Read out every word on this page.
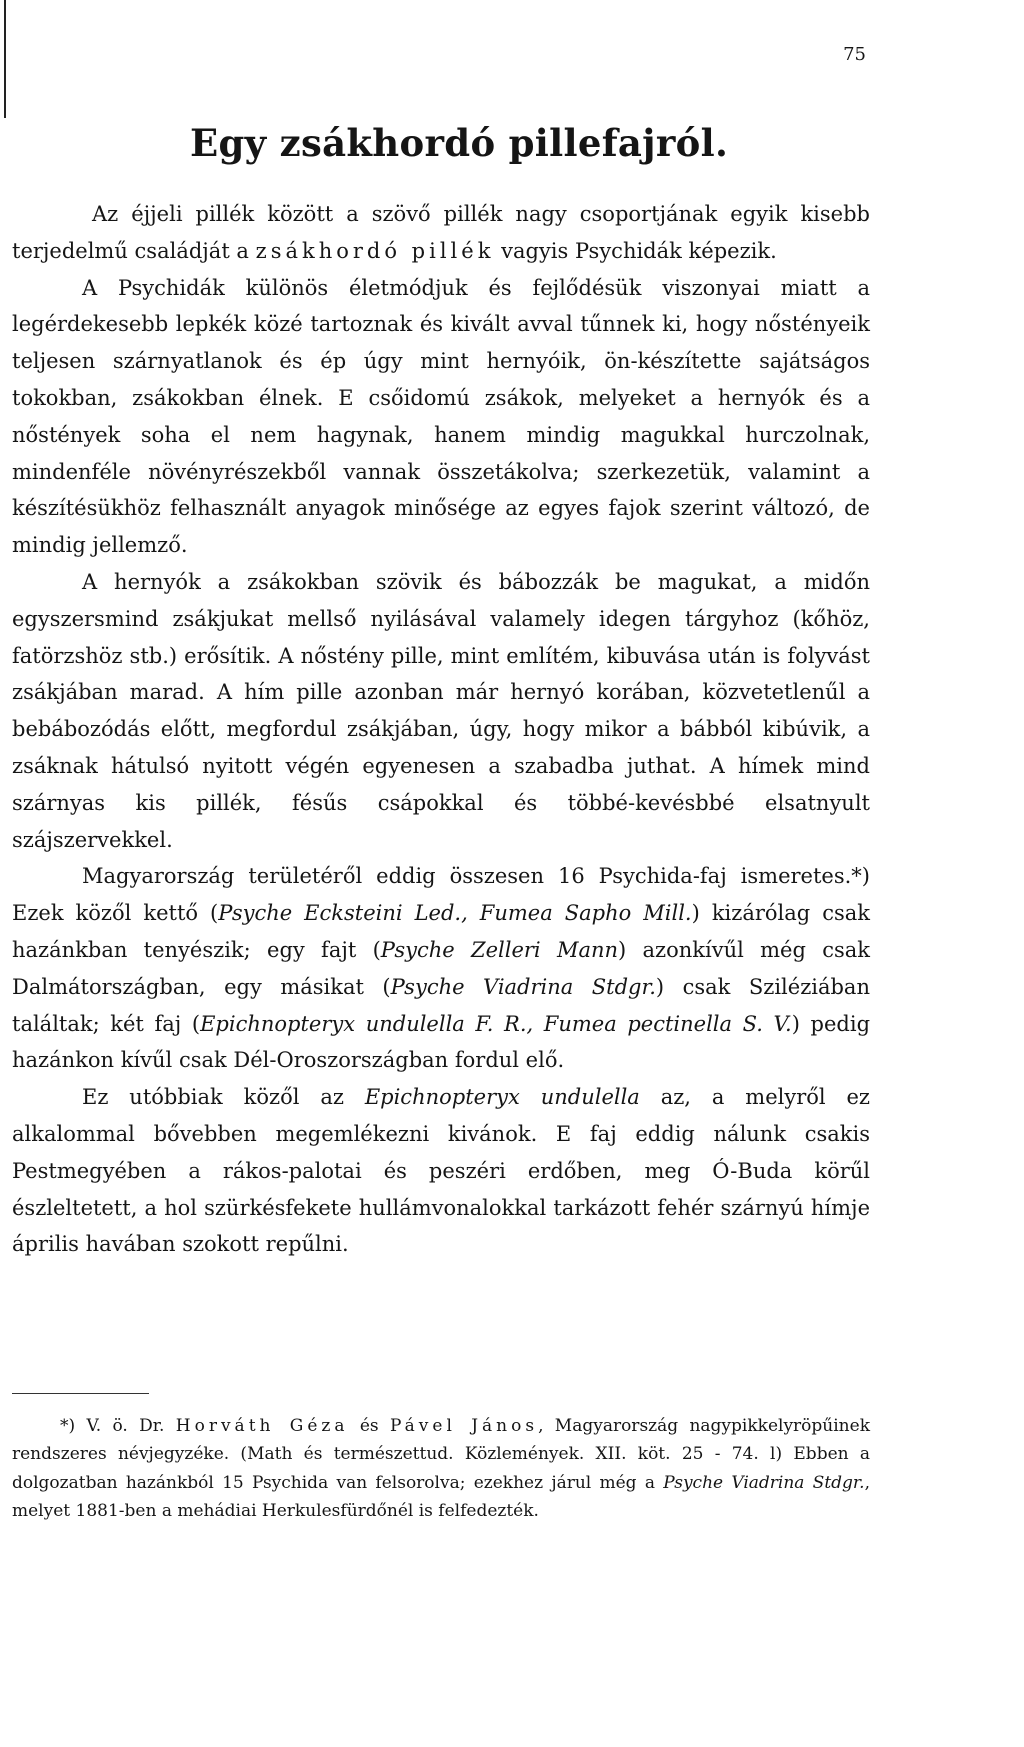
75
Egy zsákhordó pillefajról.

Az éjjeli pillék között a szövő pillék nagy csoportjának egyik kisebb terjedelmű családját a zsákhordó pillék vagyis Psychidák képezik.

A Psychidák különös életmódjuk és fejlődésük viszonyai miatt a legérdekesebb lepkék közé tartoznak és kivált avval tűnnek ki, hogy nőstényeik teljesen szárnyatlanok és ép úgy mint hernyóik, ön-készítette sajátságos tokokban, zsákokban élnek. E csőidomú zsákok, melyeket a hernyók és a nőstények soha el nem hagynak, hanem mindig magukkal hurczolnak, mindenféle növényrészekből vannak összetákolva; szerkezetük, valamint a készítésükhöz felhasznált anyagok minősége az egyes fajok szerint változó, de mindig jellemző.

A hernyók a zsákokban szövik és bábozzák be magukat, a midőn egyszersmind zsákjukat mellső nyilásával valamely idegen tárgyhoz (kőhöz, fatörzshöz stb.) erősítik. A nőstény pille, mint említém, kibuvása után is folyvást zsákjában marad. A hím pille azonban már hernyó korában, közvetetlenűl a bebábozódás előtt, megfordul zsákjában, úgy, hogy mikor a bábból kibúvik, a zsáknak hátulsó nyitott végén egyenesen a szabadba juthat. A hímek mind szárnyas kis pillék, fésűs csápokkal és többé-kevésbbé elsatnyult szájszervekkel.

Magyarország területéről eddig összesen 16 Psychida-faj ismeretes.*) Ezek közől kettő (Psyche Ecksteini Led., Fumea Sapho Mill.) kizárólag csak hazánkban tenyészik; egy fajt (Psyche Zelleri Mann) azonkívűl még csak Dalmátországban, egy másikat (Psyche Viadrina Stdgr.) csak Sziléziában találtak; két faj (Epichnopteryx undulella F. R., Fumea pectinella S. V.) pedig hazánkon kívűl csak Dél-Oroszországban fordul elő.

Ez utóbbiak közől az Epichnopteryx undulella az, a melyről ez alkalommal bővebben megemlékezni kivánok. E faj eddig nálunk csakis Pestmegyében a rákos-palotai és peszéri erdőben, meg Ó-Buda körűl észleltetett, a hol szürkésfekete hullámvonalokkal tarkázott fehér szárnyú hímje április havában szokott repűlni.

*) V. ö. Dr. Horváth Géza és Pável János, Magyarország nagypikkelyröpűinek rendszeres névjegyzéke. (Math és természettud. Közlemények. XII. köt. 25 - 74. l) Ebben a dolgozatban hazánkból 15 Psychida van felsorolva; ezekhez járul még a Psyche Viadrina Stdgr., melyet 1881-ben a mehádiai Herkulesfürdőnél is felfedezték.
